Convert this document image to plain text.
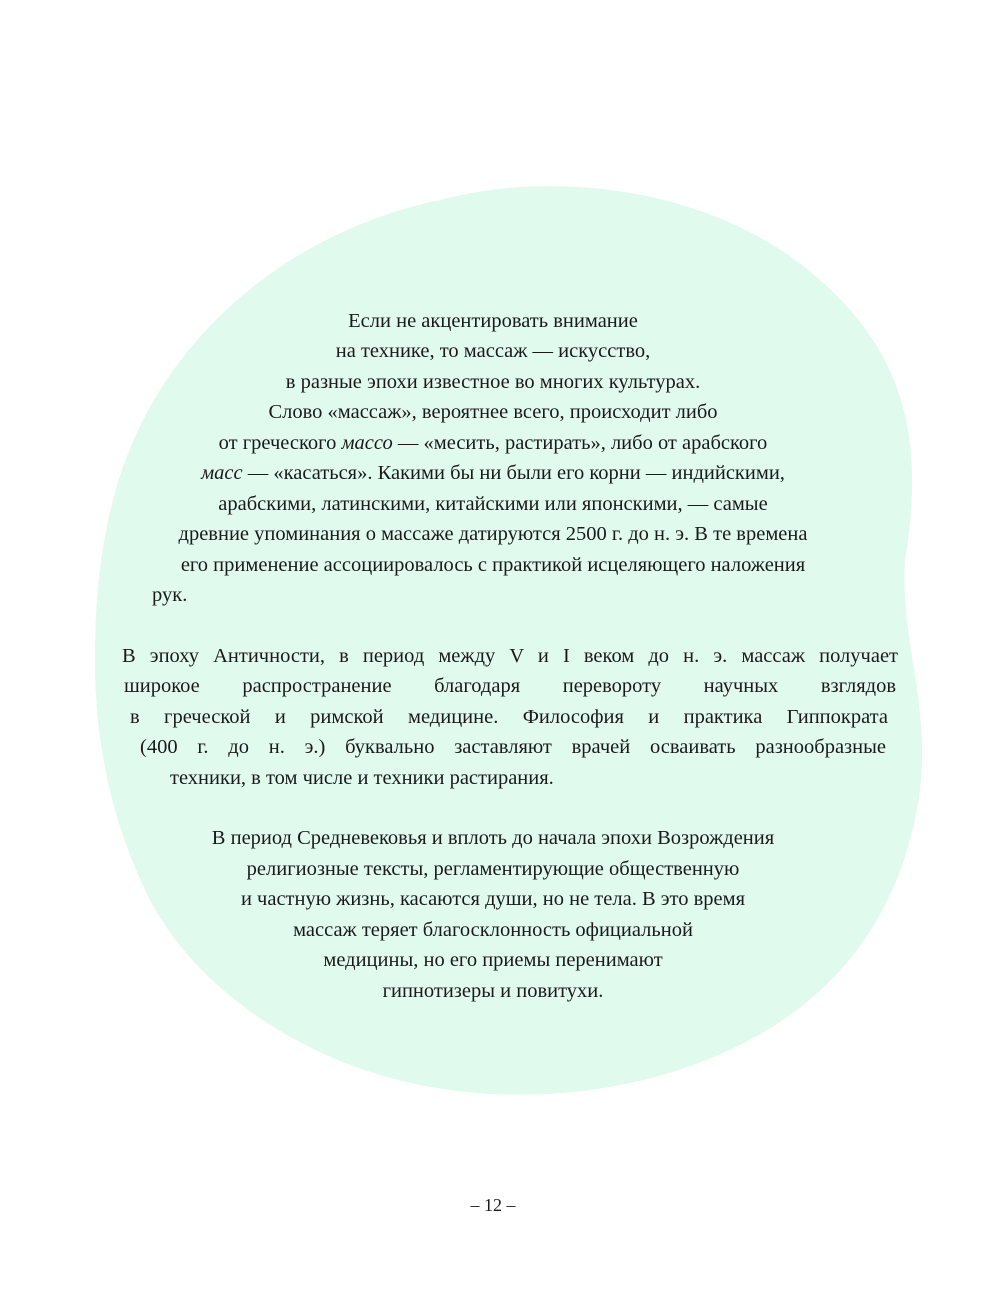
Если не акцентировать внимание
на технике, то массаж — искусство,
в разные эпохи известное во многих культурах.
Слово «массаж», вероятнее всего, происходит либо
от греческого массо — «месить, растирать», либо от арабского
масс — «касаться». Какими бы ни были его корни — индийскими,
арабскими, латинскими, китайскими или японскими, — самые
древние упоминания о массаже датируются 2500 г. до н. э. В те времена
его применение ассоциировалось с практикой исцеляющего наложения
рук.
В эпоху Античности, в период между V и I веком до н. э. массаж получает
широкое распространение благодаря перевороту научных взглядов
в греческой и римской медицине. Философия и практика Гиппократа
(400 г. до н. э.) буквально заставляют врачей осваивать разнообразные
техники, в том числе и техники растирания.
В период Средневековья и вплоть до начала эпохи Возрождения
религиозные тексты, регламентирующие общественную
и частную жизнь, касаются души, но не тела. В это время
массаж теряет благосклонность официальной
медицины, но его приемы перенимают
гипнотизеры и повитухи.
– 12 –
